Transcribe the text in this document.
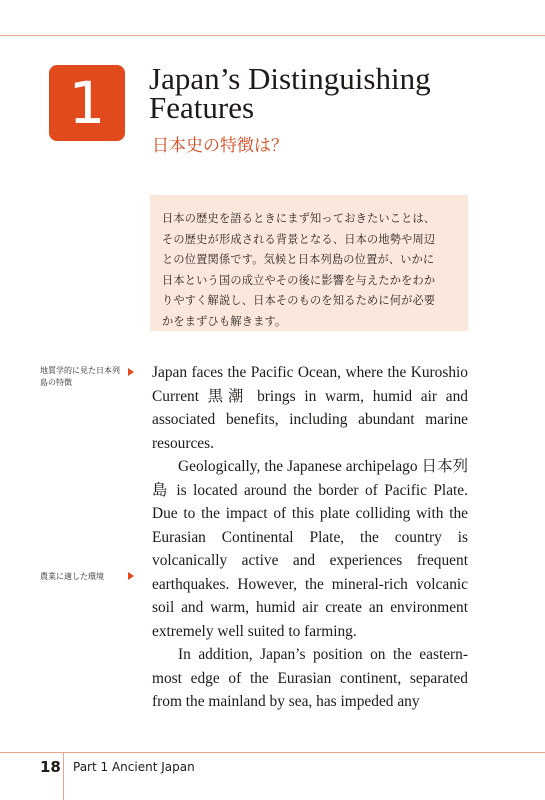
1 Japan’s Distinguishing Features
日本史の特徴は？
日本の歴史を語るときにまず知っておきたいことは、
その歴史が形成される背景となる、日本の地勢や周辺
との位置関係です。気候と日本列島の位置が、いかに
日本という国の成立やその後に影響を与えたかをわか
りやすく解説し、日本そのものを知るために何が必要
かをまずひも解きます。
地質学的に見た日本列島の特徴
農業に適した環境

Japan faces the Pacific Ocean, where the Kuroshio Current 黒潮 brings in warm, humid air and associated benefits, including abundant marine resources.

Geologically, the Japanese archipelago 日本列島 is located around the border of Pacific Plate. Due to the impact of this plate colliding with the Eurasian Continental Plate, the country is volcanically active and experiences frequent earthquakes. However, the mineral-rich volcanic soil and warm, humid air create an environment extremely well suited to farming.

In addition, Japan’s position on the eastern-most edge of the Eurasian continent, separated from the mainland by sea, has impeded any

18 Part 1 Ancient Japan
